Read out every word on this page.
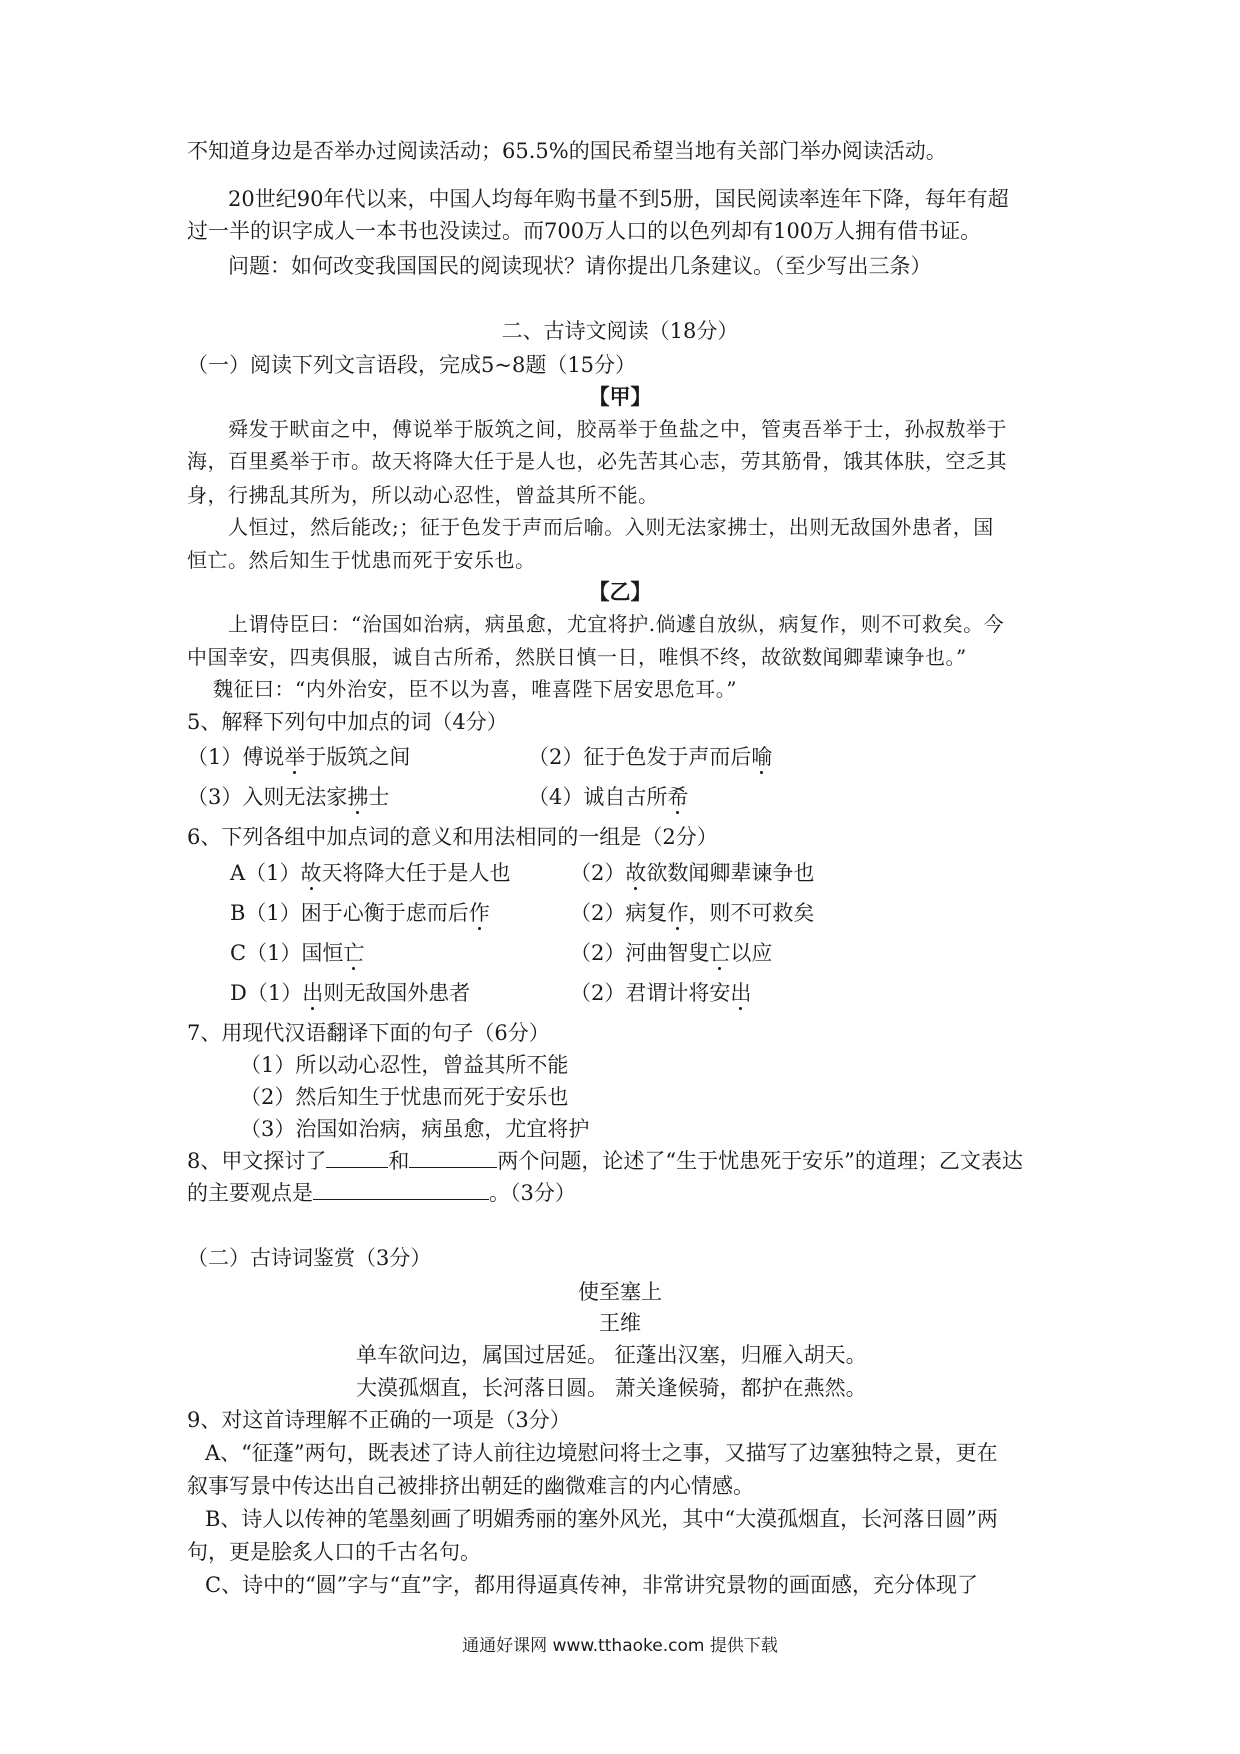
不知道身边是否举办过阅读活动；65.5%的国民希望当地有关部门举办阅读活动。
20世纪90年代以来，中国人均每年购书量不到5册，国民阅读率连年下降，每年有超
过一半的识字成人一本书也没读过。而700万人口的以色列却有100万人拥有借书证。
问题：如何改变我国国民的阅读现状？请你提出几条建议。（至少写出三条）
二、古诗文阅读（18分）
（一）阅读下列文言语段，完成5~8题（15分）
【甲】
舜发于畎亩之中，傅说举于版筑之间，胶鬲举于鱼盐之中，管夷吾举于士，孙叔敖举于
海，百里奚举于市。故天将降大任于是人也，必先苦其心志，劳其筋骨，饿其体肤，空乏其
身，行拂乱其所为，所以动心忍性，曾益其所不能。
人恒过，然后能改;；征于色发于声而后喻。入则无法家拂士，出则无敌国外患者，国
恒亡。然后知生于忧患而死于安乐也。
【乙】
上谓侍臣曰：“治国如治病，病虽愈，尤宜将护.倘遽自放纵，病复作，则不可救矣。今
中国幸安，四夷俱服，诚自古所希，然朕日慎一日，唯惧不终，故欲数闻卿辈谏争也。”
魏征曰：“内外治安，臣不以为喜，唯喜陛下居安思危耳。”
5、解释下列句中加点的词（4分）
（1）傅说举于版筑之间	（2）征于色发于声而后喻
（3）入则无法家拂士	（4）诚自古所希
6、下列各组中加点词的意义和用法相同的一组是（2分）
A（1）故天将降大任于是人也	（2）故欲数闻卿辈谏争也
B（1）困于心衡于虑而后作	（2）病复作，则不可救矣
C（1）国恒亡	（2）河曲智叟亡以应
D（1）出则无敌国外患者	（2）君谓计将安出
7、用现代汉语翻译下面的句子（6分）
（1）所以动心忍性，曾益其所不能
（2）然后知生于忧患而死于安乐也
（3）治国如治病，病虽愈，尤宜将护
8、甲文探讨了	和	两个问题，论述了“生于忧患死于安乐”的道理；乙文表达
的主要观点是	。（3分）
（二）古诗词鉴赏（3分）
使至塞上
王维
单车欲问边，属国过居延。 征蓬出汉塞，归雁入胡天。
大漠孤烟直，长河落日圆。 萧关逢候骑，都护在燕然。
9、对这首诗理解不正确的一项是（3分）
A、“征蓬”两句，既表述了诗人前往边境慰问将士之事，又描写了边塞独特之景，更在
叙事写景中传达出自己被排挤出朝廷的幽微难言的内心情感。
B、诗人以传神的笔墨刻画了明媚秀丽的塞外风光，其中“大漠孤烟直，长河落日圆”两
句，更是脍炙人口的千古名句。
C、诗中的“圆”字与“直”字，都用得逼真传神，非常讲究景物的画面感，充分体现了
通通好课网 www.tthaoke.com 提供下载
